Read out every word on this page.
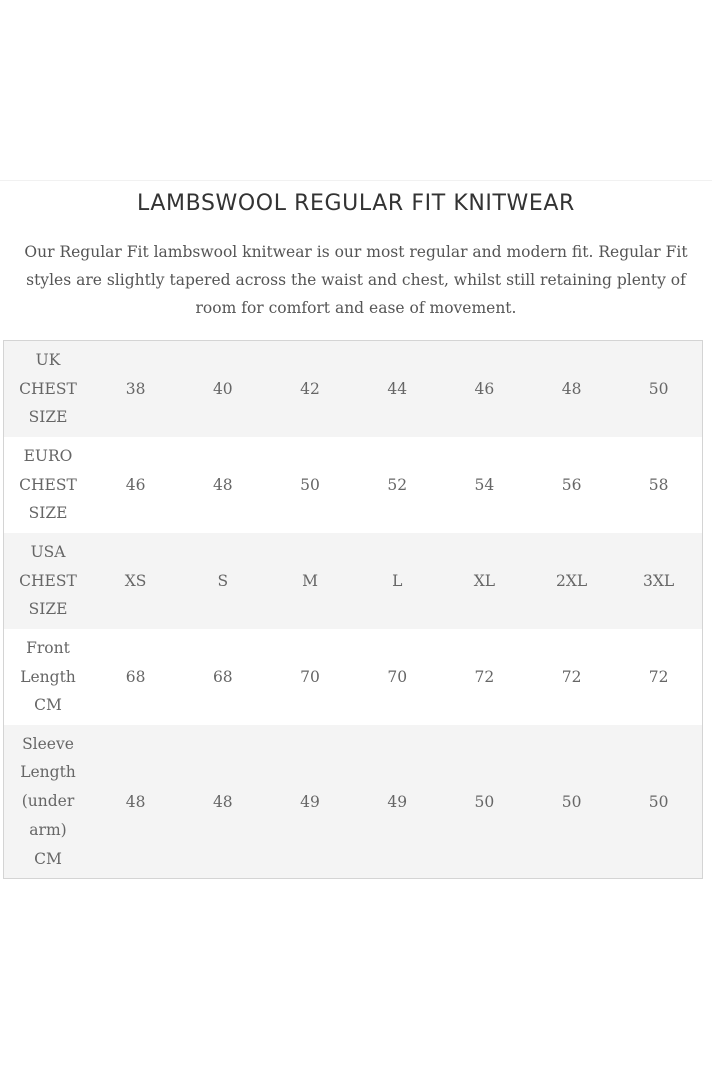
LAMBSWOOL REGULAR FIT KNITWEAR
Our Regular Fit lambswool knitwear is our most regular and modern fit. Regular Fit
styles are slightly tapered across the waist and chest, whilst still retaining plenty of
room for comfort and ease of movement.
UK
CHEST
SIZE	38	40	42	44	46	48	50

EURO
CHEST
SIZE	46	48	50	52	54	56	58

USA
CHEST
SIZE	XS	S	M	L	XL	2XL	3XL

Front
Length
CM	68	68	70	70	72	72	72

Sleeve
Length
(under
arm)
CM	48	48	49	49	50	50	50
